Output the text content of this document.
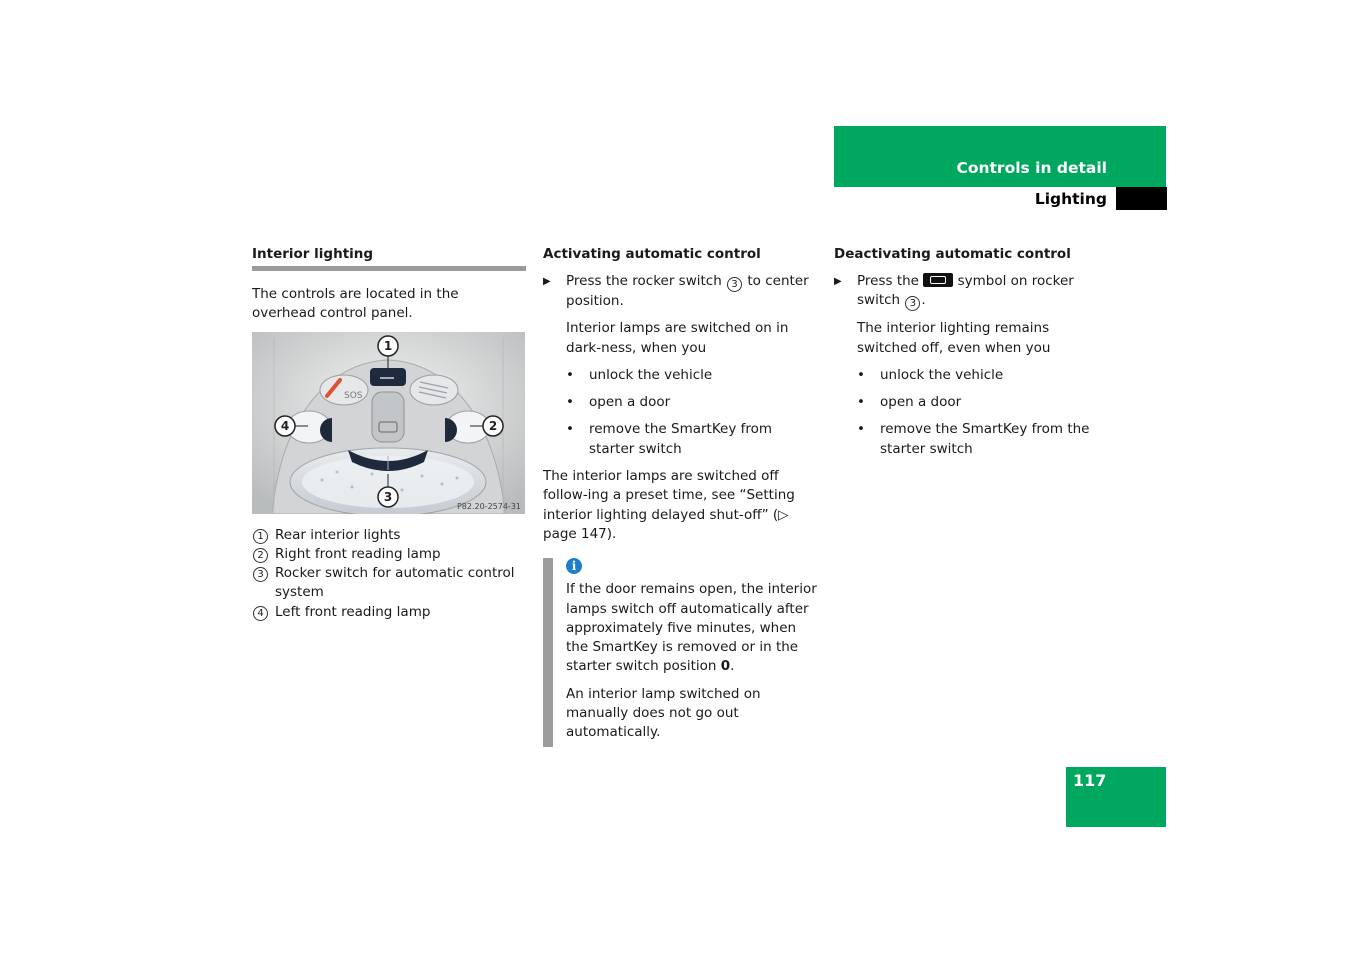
Controls in detail
Lighting
Interior lighting

The controls are located in the overhead control panel.

SOS
1
2
3
4
P82.20-2574-31
1 Rear interior lights
2 Right front reading lamp
3 Rocker switch for automatic control system
4 Left front reading lamp
Activating automatic control
▶ Press the rocker switch 3 to center position.

Interior lamps are switched on in dark-ness, when you

• unlock the vehicle
• open a door
• remove the SmartKey from starter switch

The interior lamps are switched off follow-ing a preset time, see “Setting interior lighting delayed shut-off” (▷ page 147).

i

If the door remains open, the interior lamps switch off automatically after approximately five minutes, when the SmartKey is removed or in the starter switch position 0.

An interior lamp switched on manually does not go out automatically.

Deactivating automatic control
▶ Press the	symbol on rocker switch 3 .

The interior lighting remains switched off, even when you

• unlock the vehicle
• open a door
• remove the SmartKey from the starter switch
117
